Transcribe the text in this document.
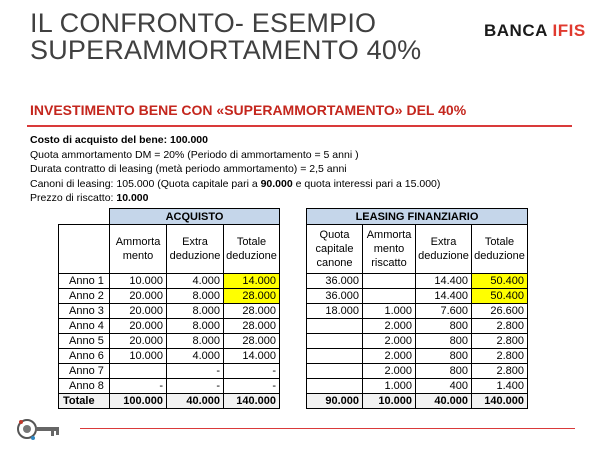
IL CONFRONTO- ESEMPIO
SUPERAMMORTAMENTO 40%
BANCA IFIS
INVESTIMENTO BENE CON «SUPERAMMORTAMENTO» DEL 40%
Costo di acquisto del bene: 100.000
Quota ammortamento DM = 20% (Periodo di ammortamento = 5 anni )
Durata contratto di leasing (metà periodo ammortamento) = 2,5 anni
Canoni di leasing: 105.000 (Quota capitale pari a 90.000 e quota interessi pari a 15.000)
Prezzo di riscatto: 10.000
	ACQUISTO		
	Ammorta mento	Extra deduzione	Totale deduzione
Anno 1	10.000	4.000	14.000
Anno 2	20.000	8.000	28.000
Anno 3	20.000	8.000	28.000
Anno 4	20.000	8.000	28.000
Anno 5	20.000	8.000	28.000
Anno 6	10.000	4.000	14.000
Anno 7		-	-
Anno 8	-	-	-
Totale	100.000	40.000	140.000
LEASING FINANZIARIO			
Quota capitale canone	Ammorta mento riscatto	Extra deduzione	Totale deduzione
36.000		14.400	50.400
36.000		14.400	50.400
18.000	1.000	7.600	26.600
	2.000	800	2.800
	2.000	800	2.800
	2.000	800	2.800
	2.000	800	2.800
	1.000	400	1.400
90.000	10.000	40.000	140.000
